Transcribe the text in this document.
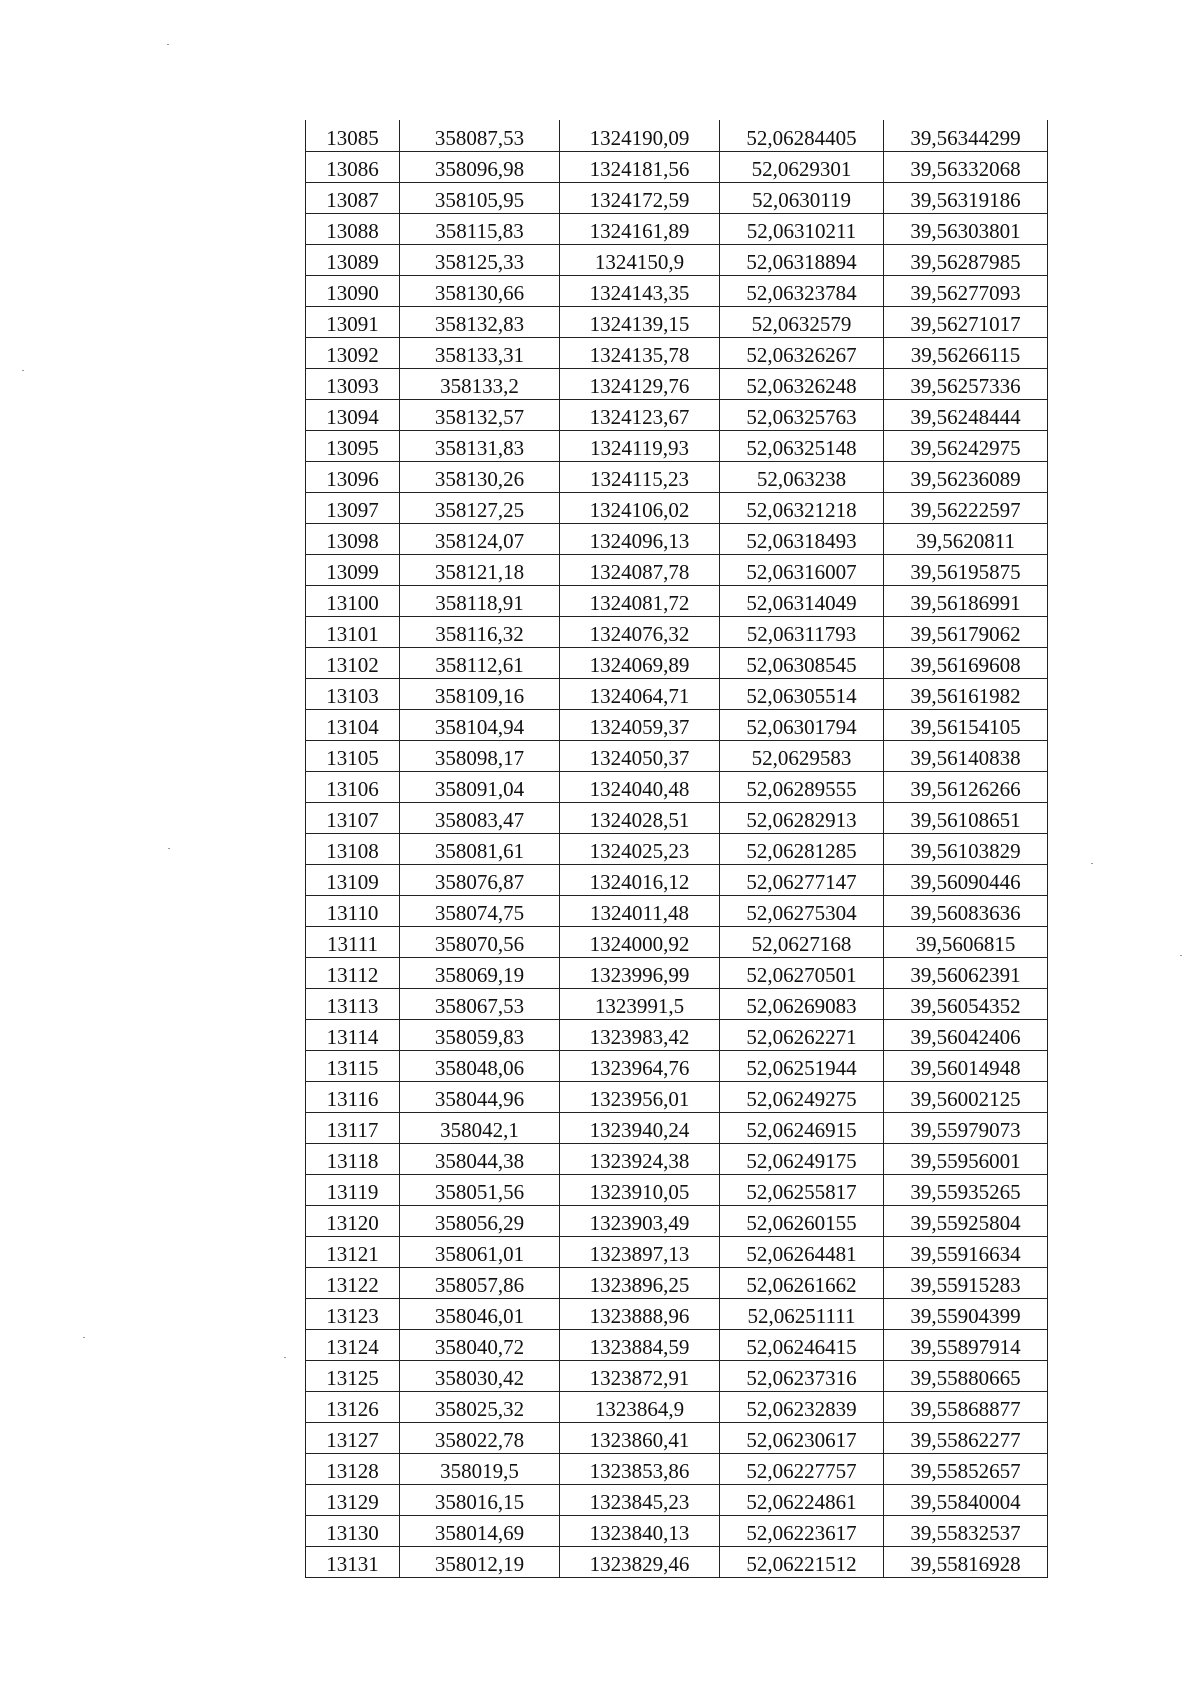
13085	358087,53	1324190,09	52,06284405	39,56344299
13086	358096,98	1324181,56	52,0629301	39,56332068
13087	358105,95	1324172,59	52,0630119	39,56319186
13088	358115,83	1324161,89	52,06310211	39,56303801
13089	358125,33	1324150,9	52,06318894	39,56287985
13090	358130,66	1324143,35	52,06323784	39,56277093
13091	358132,83	1324139,15	52,0632579	39,56271017
13092	358133,31	1324135,78	52,06326267	39,56266115
13093	358133,2	1324129,76	52,06326248	39,56257336
13094	358132,57	1324123,67	52,06325763	39,56248444
13095	358131,83	1324119,93	52,06325148	39,56242975
13096	358130,26	1324115,23	52,063238	39,56236089
13097	358127,25	1324106,02	52,06321218	39,56222597
13098	358124,07	1324096,13	52,06318493	39,5620811
13099	358121,18	1324087,78	52,06316007	39,56195875
13100	358118,91	1324081,72	52,06314049	39,56186991
13101	358116,32	1324076,32	52,06311793	39,56179062
13102	358112,61	1324069,89	52,06308545	39,56169608
13103	358109,16	1324064,71	52,06305514	39,56161982
13104	358104,94	1324059,37	52,06301794	39,56154105
13105	358098,17	1324050,37	52,0629583	39,56140838
13106	358091,04	1324040,48	52,06289555	39,56126266
13107	358083,47	1324028,51	52,06282913	39,56108651
13108	358081,61	1324025,23	52,06281285	39,56103829
13109	358076,87	1324016,12	52,06277147	39,56090446
13110	358074,75	1324011,48	52,06275304	39,56083636
13111	358070,56	1324000,92	52,0627168	39,5606815
13112	358069,19	1323996,99	52,06270501	39,56062391
13113	358067,53	1323991,5	52,06269083	39,56054352
13114	358059,83	1323983,42	52,06262271	39,56042406
13115	358048,06	1323964,76	52,06251944	39,56014948
13116	358044,96	1323956,01	52,06249275	39,56002125
13117	358042,1	1323940,24	52,06246915	39,55979073
13118	358044,38	1323924,38	52,06249175	39,55956001
13119	358051,56	1323910,05	52,06255817	39,55935265
13120	358056,29	1323903,49	52,06260155	39,55925804
13121	358061,01	1323897,13	52,06264481	39,55916634
13122	358057,86	1323896,25	52,06261662	39,55915283
13123	358046,01	1323888,96	52,06251111	39,55904399
13124	358040,72	1323884,59	52,06246415	39,55897914
13125	358030,42	1323872,91	52,06237316	39,55880665
13126	358025,32	1323864,9	52,06232839	39,55868877
13127	358022,78	1323860,41	52,06230617	39,55862277
13128	358019,5	1323853,86	52,06227757	39,55852657
13129	358016,15	1323845,23	52,06224861	39,55840004
13130	358014,69	1323840,13	52,06223617	39,55832537
13131	358012,19	1323829,46	52,06221512	39,55816928
